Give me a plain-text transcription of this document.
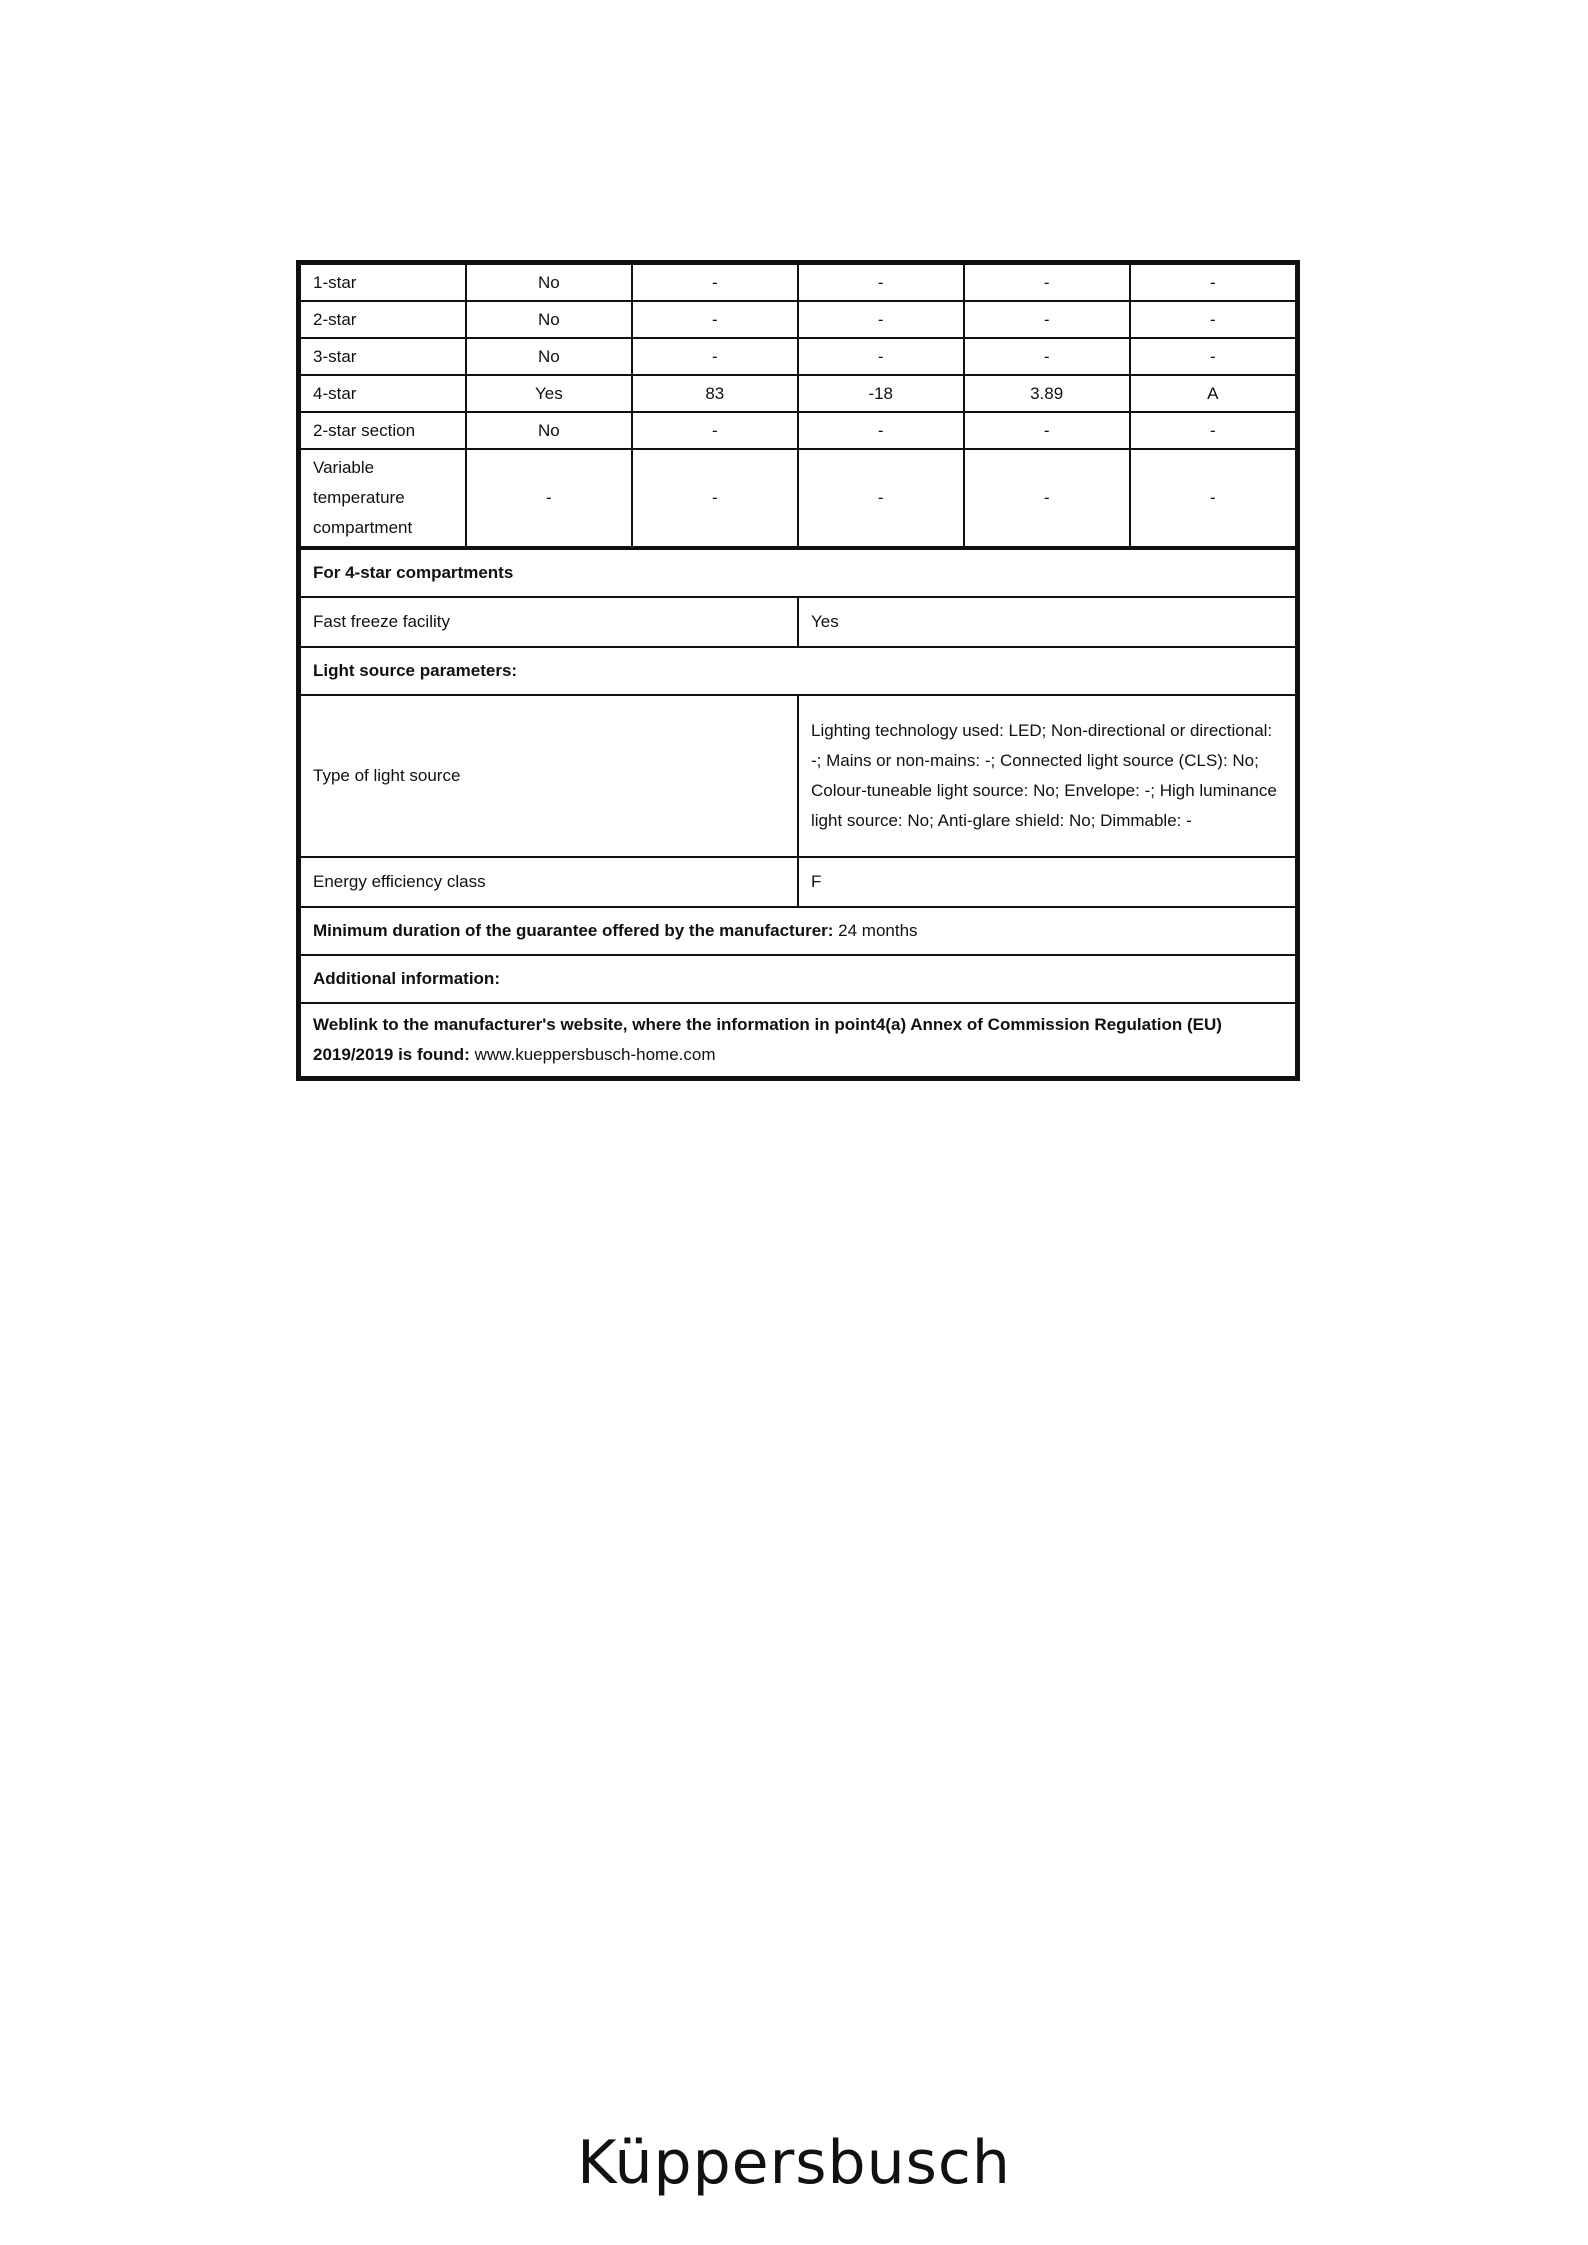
1-star	No	-	-	-	-
2-star	No	-	-	-	-
3-star	No	-	-	-	-
4-star	Yes	83	-18	3.89	A
2-star section	No	-	-	-	-
Variable temperature compartment	-	-	-	-	-
For 4-star compartments	
Fast freeze facility	Yes
Light source parameters:	
Type of light source	Lighting technology used: LED; Non-directional or directional: -; Mains or non-mains: -; Connected light source (CLS): No; Colour-tuneable light source: No; Envelope: -; High luminance light source: No; Anti-glare shield: No; Dimmable: -
Energy efficiency class	F
Minimum duration of the guarantee offered by the manufacturer: 24 months	
Additional information:	
Weblink to the manufacturer's website, where the information in point4(a) Annex of Commission Regulation (EU) 2019/2019 is found: www.kueppersbusch-home.com	
Küppersbusch
